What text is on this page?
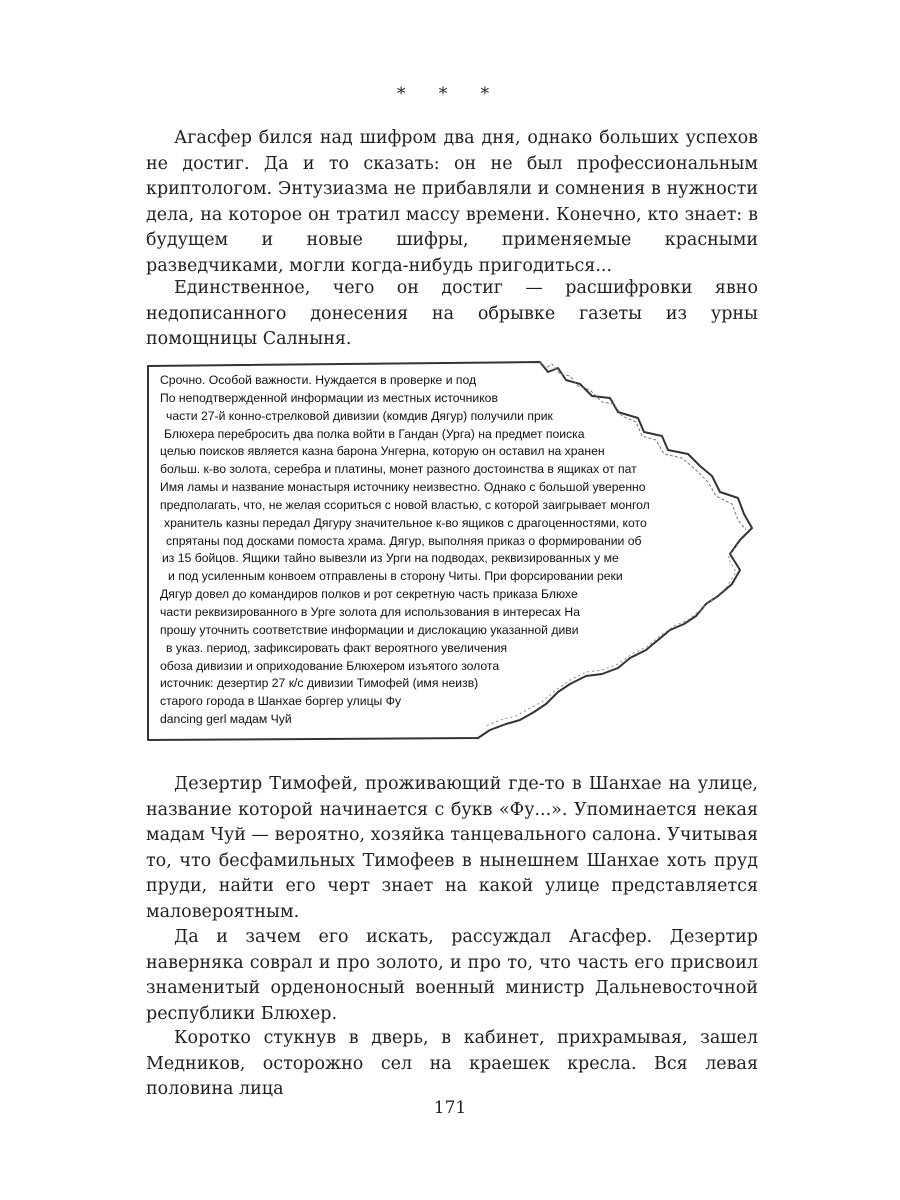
* * *

Агасфер бился над шифром два дня, однако больших успехов не достиг. Да и то сказать: он не был профессиональным криптологом. Энтузиазма не прибавляли и сомнения в нужности дела, на которое он тратил массу времени. Конечно, кто знает: в будущем и новые шифры, применяемые красными разведчиками, могли когда-нибудь пригодиться...

Единственное, чего он достиг — расшифровки явно недописанного донесения на обрывке газеты из урны помощницы Салныня.

Срочно. Особой важности. Нуждается в проверке и под
По неподтвержденной информации из местных источников
части 27-й конно-стрелковой дивизии (комдив Дягур) получили прик
Блюхера перебросить два полка войти в Гандан (Урга) на предмет поиска
целью поисков является казна барона Унгерна, которую он оставил на хранен
больш. к-во золота, серебра и платины, монет разного достоинства в ящиках от пат
Имя ламы и название монастыря источнику неизвестно. Однако с большой уверенно
предполагать, что, не желая ссориться с новой властью, с которой заигрывает монгол
хранитель казны передал Дягуру значительное к-во ящиков с драгоценностями, кото
спрятаны под досками помоста храма. Дягур, выполняя приказ о формировании об
из 15 бойцов. Ящики тайно вывезли из Урги на подводах, реквизированных у ме
и под усиленным конвоем отправлены в сторону Читы. При форсировании реки
Дягур довел до командиров полков и рот секретную часть приказа Блюхе
части реквизированного в Урге золота для использования в интересах На
прошу уточнить соответствие информации и дислокацию указанной диви
в указ. период, зафиксировать факт вероятного увеличения
обоза дивизии и оприходование Блюхером изъятого золота
источник: дезертир 27 к/с дивизии Тимофей (имя неизв)
старого города в Шанхае боргер улицы Фу
dancing gerl мадам Чуй

Дезертир Тимофей, проживающий где-то в Шанхае на улице, название которой начинается с букв «Фу...». Упоминается некая мадам Чуй — вероятно, хозяйка танцевального салона. Учитывая то, что бесфамильных Тимофеев в нынешнем Шанхае хоть пруд пруди, найти его черт знает на какой улице представляется маловероятным.

Да и зачем его искать, рассуждал Агасфер. Дезертир наверняка соврал и про золото, и про то, что часть его присвоил знаменитый орденоносный военный министр Дальневосточной республики Блюхер.

Коротко стукнув в дверь, в кабинет, прихрамывая, зашел Медников, осторожно сел на краешек кресла. Вся левая половина лица

171
